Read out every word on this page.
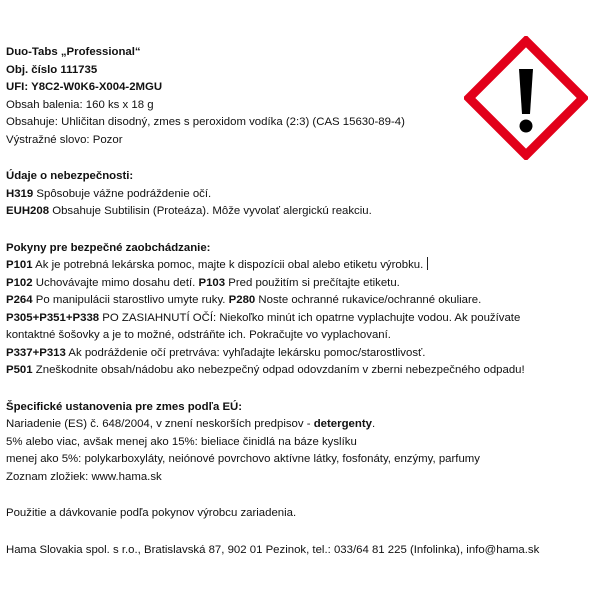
Duo-Tabs „Professional“
Obj. číslo 111735
UFI: Y8C2-W0K6-X004-2MGU
Obsah balenia: 160 ks x 18 g
Obsahuje: Uhličitan disodný, zmes s peroxidom vodíka (2:3) (CAS 15630-89-4)
Výstražné slovo: Pozor
Údaje o nebezpečnosti:
H319 Spôsobuje vážne podráždenie očí.
EUH208 Obsahuje Subtilisin (Proteáza). Môže vyvolať alergickú reakciu.
Pokyny pre bezpečné zaobchádzanie:
P101 Ak je potrebná lekárska pomoc, majte k dispozícii obal alebo etiketu výrobku.
P102 Uchovávajte mimo dosahu detí. P103 Pred použitím si prečítajte etiketu.
P264 Po manipulácii starostlivo umyte ruky. P280 Noste ochranné rukavice/ochranné okuliare.
P305+P351+P338 PO ZASIAHNUTÍ OČÍ: Niekoľko minút ich opatrne vyplachujte vodou. Ak používate
kontaktné šošovky a je to možné, odstráňte ich. Pokračujte vo vyplachovaní.
P337+P313 Ak podráždenie očí pretrváva: vyhľadajte lekársku pomoc/starostlivosť.
P501 Zneškodnite obsah/nádobu ako nebezpečný odpad odovzdaním v zberni nebezpečného odpadu!
Špecifické ustanovenia pre zmes podľa EÚ:
Nariadenie (ES) č. 648/2004, v znení neskorších predpisov - detergenty.
5% alebo viac, avšak menej ako 15%: bieliace činidlá na báze kyslíku
menej ako 5%: polykarboxyláty, neiónové povrchovo aktívne látky, fosfonáty, enzýmy, parfumy
Zoznam zložiek: www.hama.sk
Použitie a dávkovanie podľa pokynov výrobcu zariadenia.
Hama Slovakia spol. s r.o., Bratislavská 87, 902 01 Pezinok, tel.: 033/64 81 225 (Infolinka), info@hama.sk
